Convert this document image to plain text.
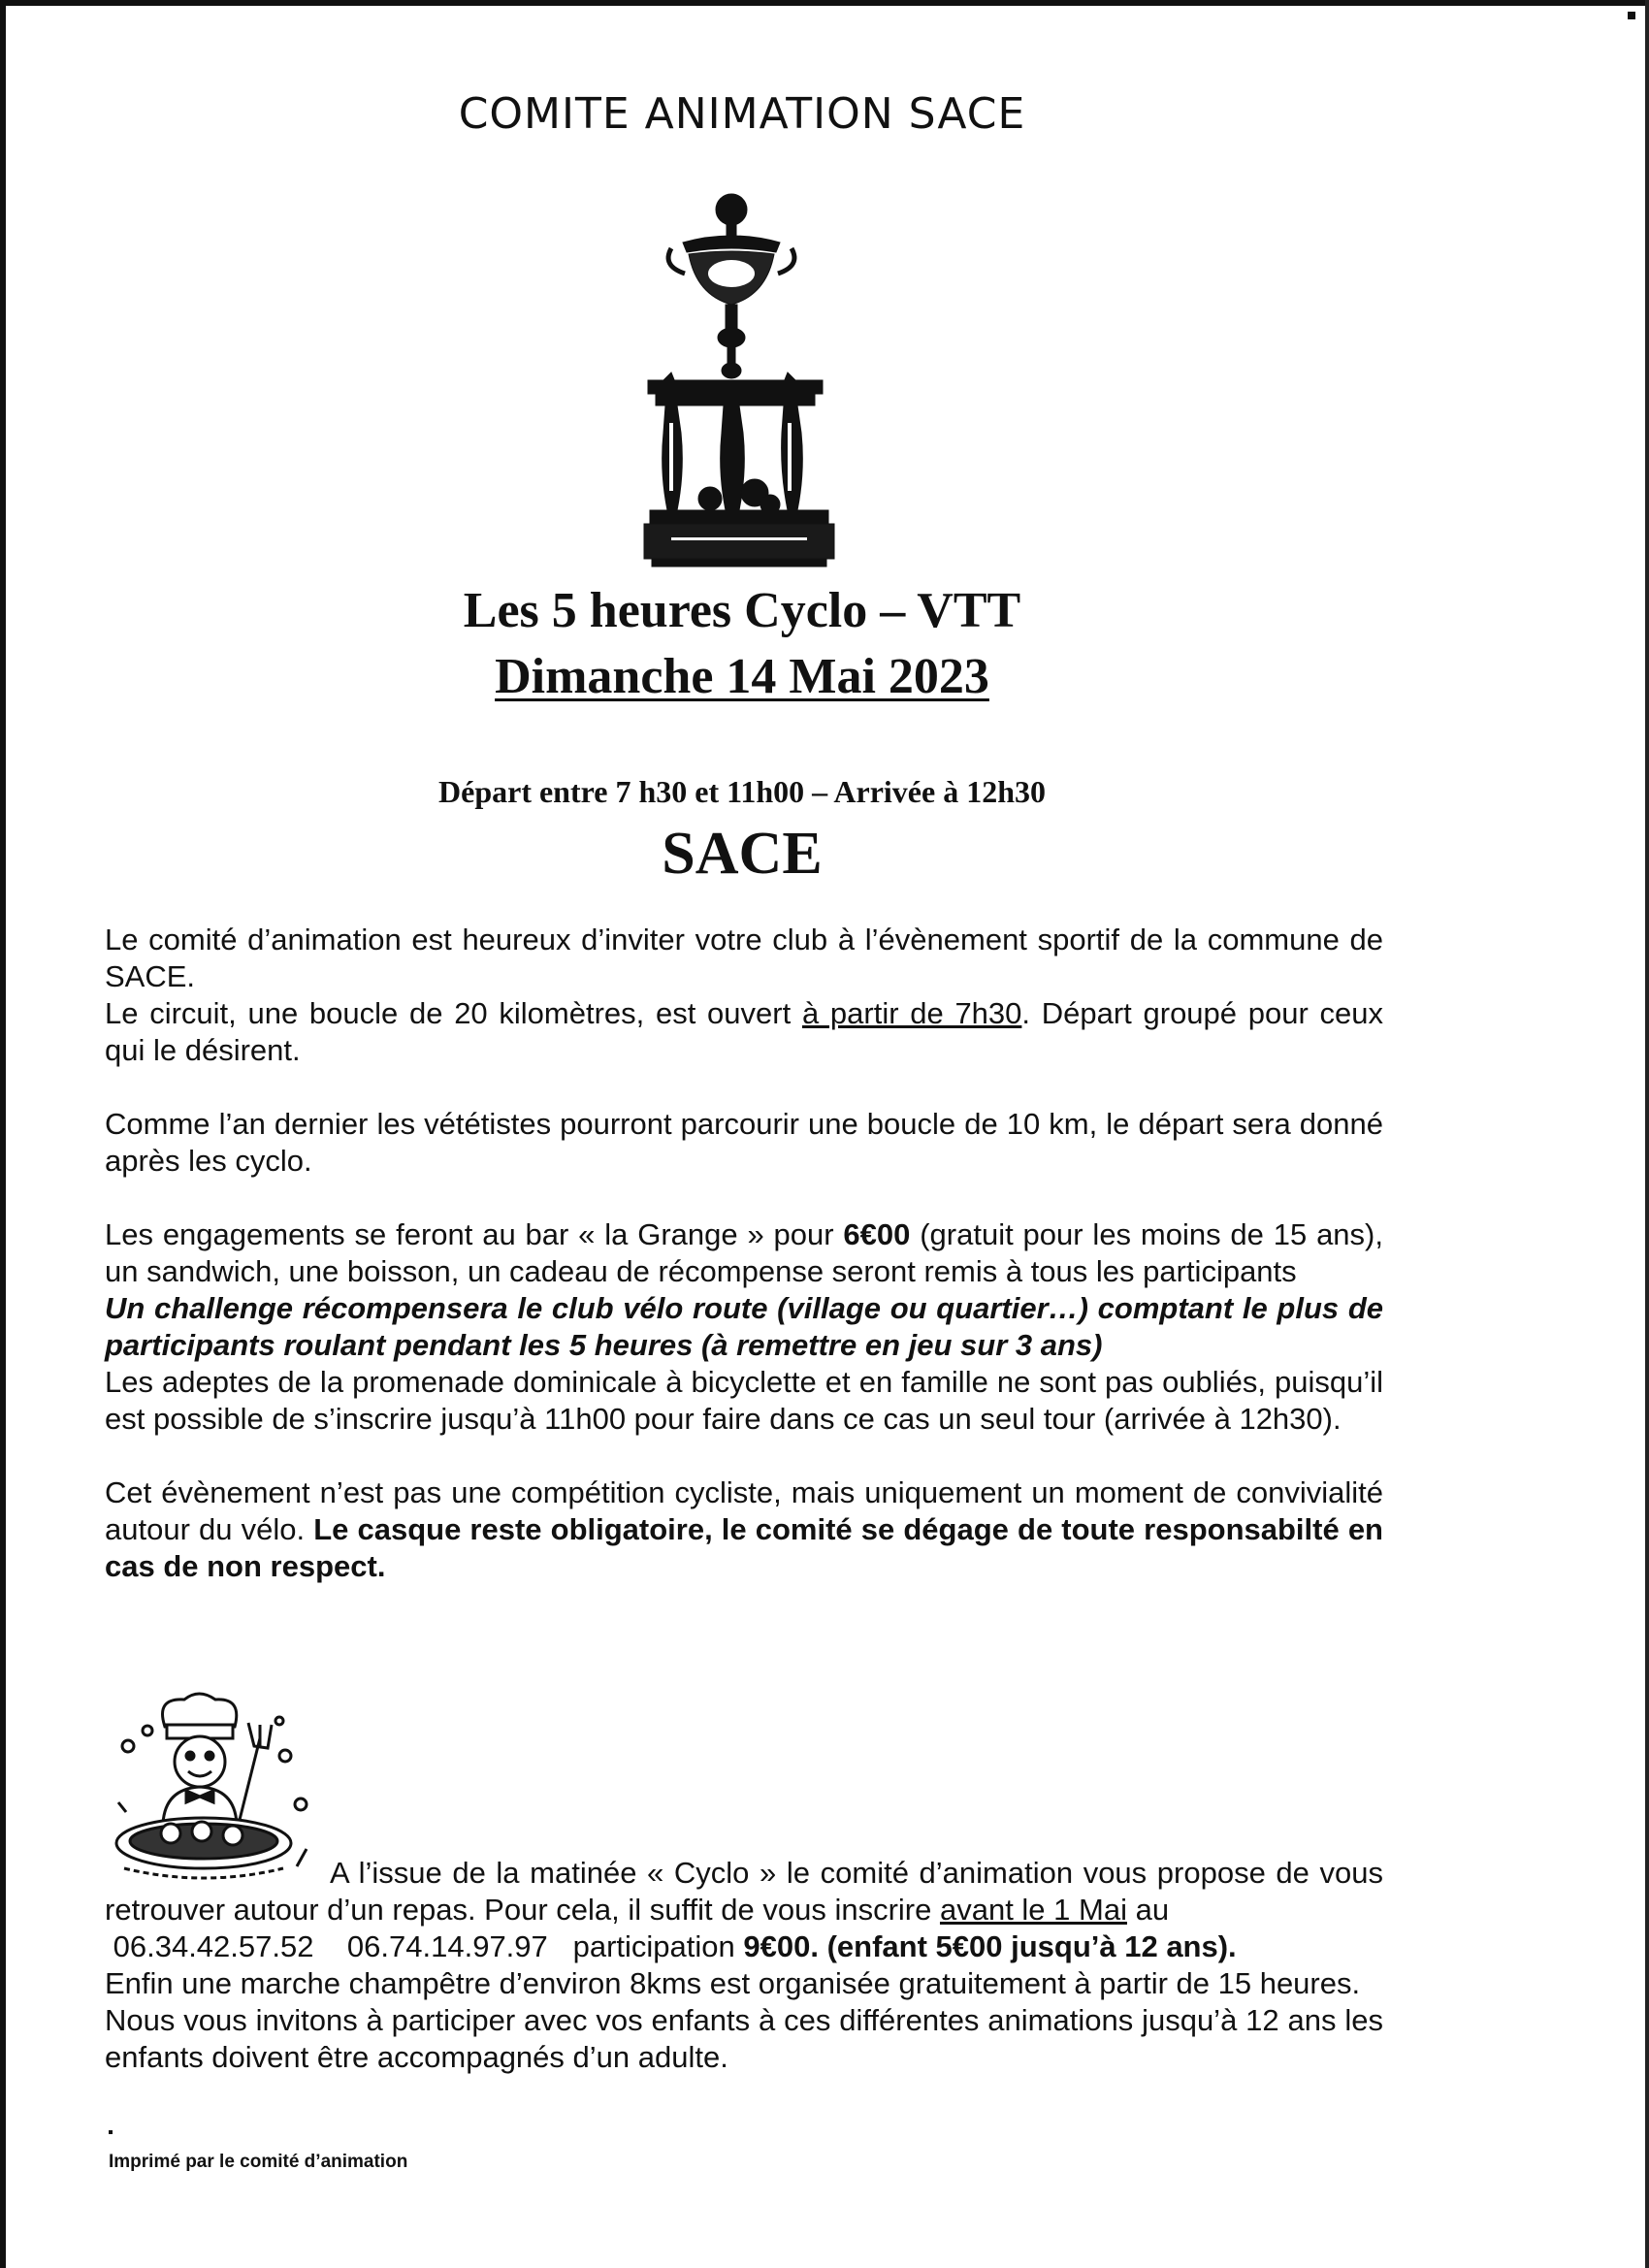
COMITE ANIMATION SACE
Les 5 heures Cyclo – VTT
Dimanche 14 Mai 2023
Départ entre 7 h30 et 11h00 – Arrivée à 12h30
SACE

Le comité d’animation est heureux d’inviter votre club à l’évènement sportif de la commune de SACE.

Le circuit, une boucle de 20 kilomètres, est ouvert à partir de 7h30. Départ groupé pour ceux qui le désirent.

Comme l’an dernier les vététistes pourront parcourir une boucle de 10 km, le départ sera donné après les cyclo.

Les engagements se feront au bar « la Grange » pour 6€00 (gratuit pour les moins de 15 ans), un sandwich, une boisson, un cadeau de récompense seront remis à tous les participants

Un challenge récompensera le club vélo route (village ou quartier…) comptant le plus de participants roulant pendant les 5 heures (à remettre en jeu sur 3 ans)

Les adeptes de la promenade dominicale à bicyclette et en famille ne sont pas oubliés, puisqu’il est possible de s’inscrire jusqu’à 11h00 pour faire dans ce cas un seul tour (arrivée à 12h30).

Cet évènement n’est pas une compétition cycliste, mais uniquement un moment de convivialité autour du vélo. Le casque reste obligatoire, le comité se dégage de toute responsabilté en cas de non respect.

A l’issue de la matinée « Cyclo » le comité d’animation vous propose de vous retrouver autour d’un repas. Pour cela, il suffit de vous inscrire avant le 1 Mai au
06.34.42.57.52    06.74.14.97.97   participation 9€00. (enfant 5€00 jusqu’à 12 ans).

Enfin une marche champêtre d’environ 8kms est organisée gratuitement à partir de 15 heures.

Nous vous invitons à participer avec vos enfants à ces différentes animations jusqu’à 12 ans les enfants doivent être accompagnés d’un adulte.

Imprimé par le comité d’animation
